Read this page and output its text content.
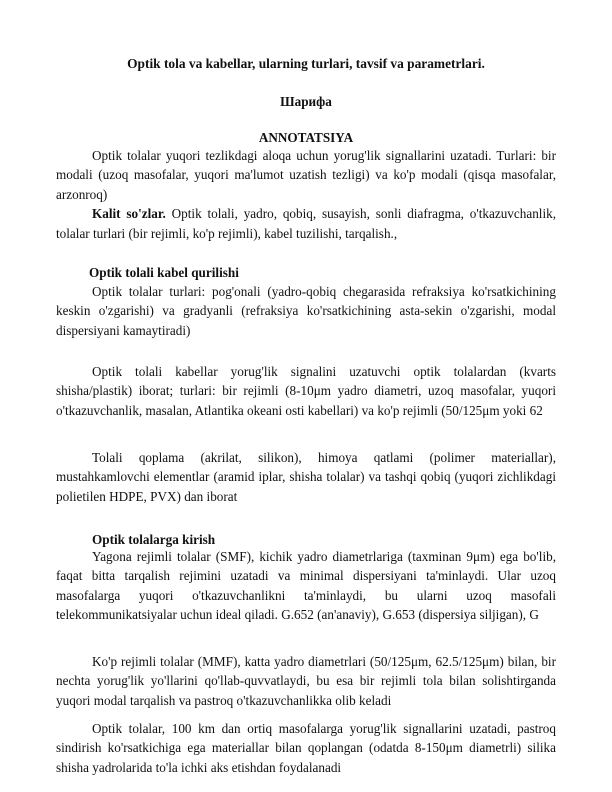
Optik tola va kabellar, ularning turlari, tavsif va parametrlari.
Шарифа
ANNOTATSIYA

Optik tolalar yuqori tezlikdagi aloqa uchun yorug'lik signallarini uzatadi. Turlari: bir modali (uzoq masofalar, yuqori ma'lumot uzatish tezligi) va ko'p modali (qisqa masofalar, arzonroq)

Kalit so'zlar. Optik tolali, yadro, qobiq, susayish, sonli diafragma, o'tkazuvchanlik, tolalar turlari (bir rejimli, ko'p rejimli), kabel tuzilishi, tarqalish.,

Optik tolali kabel qurilishi

Optik tolalar turlari: pog'onali (yadro-qobiq chegarasida refraksiya ko'rsatkichining keskin o'zgarishi) va gradyanli (refraksiya ko'rsatkichining asta-sekin o'zgarishi, modal dispersiyani kamaytiradi)

Optik tolali kabellar yorug'lik signalini uzatuvchi optik tolalardan (kvarts shisha/plastik) iborat; turlari: bir rejimli (8-10μm yadro diametri, uzoq masofalar, yuqori o'tkazuvchanlik, masalan, Atlantika okeani osti kabellari) va ko'p rejimli (50/125μm yoki 62

Tolali qoplama (akrilat, silikon), himoya qatlami (polimer materiallar), mustahkamlovchi elementlar (aramid iplar, shisha tolalar) va tashqi qobiq (yuqori zichlikdagi polietilen HDPE, PVX) dan iborat

Optik tolalarga kirish

Yagona rejimli tolalar (SMF), kichik yadro diametrlariga (taxminan 9μm) ega bo'lib, faqat bitta tarqalish rejimini uzatadi va minimal dispersiyani ta'minlaydi. Ular uzoq masofalarga yuqori o'tkazuvchanlikni ta'minlaydi, bu ularni uzoq masofali telekommunikatsiyalar uchun ideal qiladi. G.652 (an'anaviy), G.653 (dispersiya siljigan), G

Ko'p rejimli tolalar (MMF), katta yadro diametrlari (50/125μm, 62.5/125μm) bilan, bir nechta yorug'lik yo'llarini qo'llab-quvvatlaydi, bu esa bir rejimli tola bilan solishtirganda yuqori modal tarqalish va pastroq o'tkazuvchanlikka olib keladi

Optik tolalar, 100 km dan ortiq masofalarga yorug'lik signallarini uzatadi, pastroq sindirish ko'rsatkichiga ega materiallar bilan qoplangan (odatda 8-150μm diametrli) silika shisha yadrolarida to'la ichki aks etishdan foydalanadi
